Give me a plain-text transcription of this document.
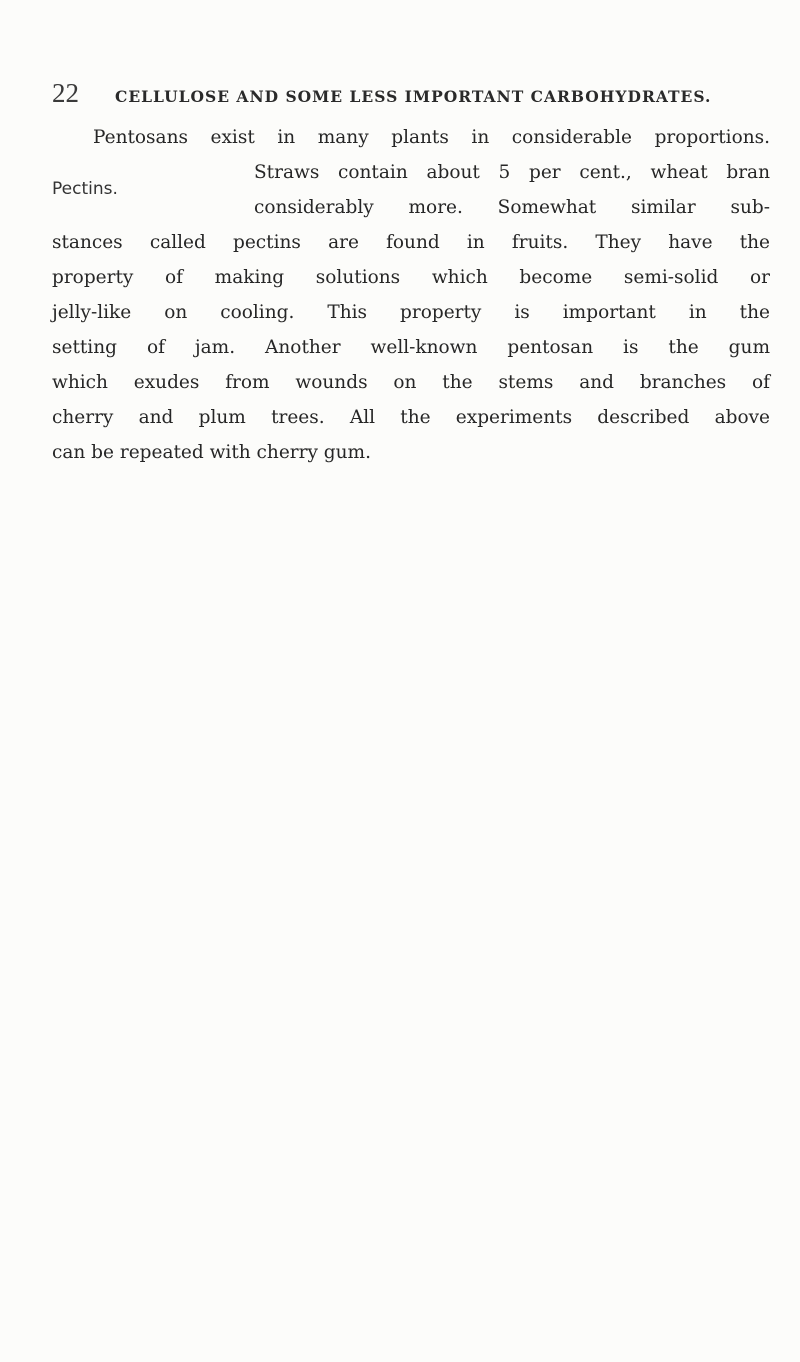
22 CELLULOSE AND SOME LESS IMPORTANT CARBOHYDRATES.
Pectins.
Pentosans exist in many plants in considerable proportions.
Straws contain about 5 per cent., wheat bran
considerably more. Somewhat similar sub-
stances called pectins are found in fruits. They have the
property of making solutions which become semi-solid or
jelly-like on cooling. This property is important in the
setting of jam. Another well-known pentosan is the gum
which exudes from wounds on the stems and branches of
cherry and plum trees. All the experiments described above
can be repeated with cherry gum.
